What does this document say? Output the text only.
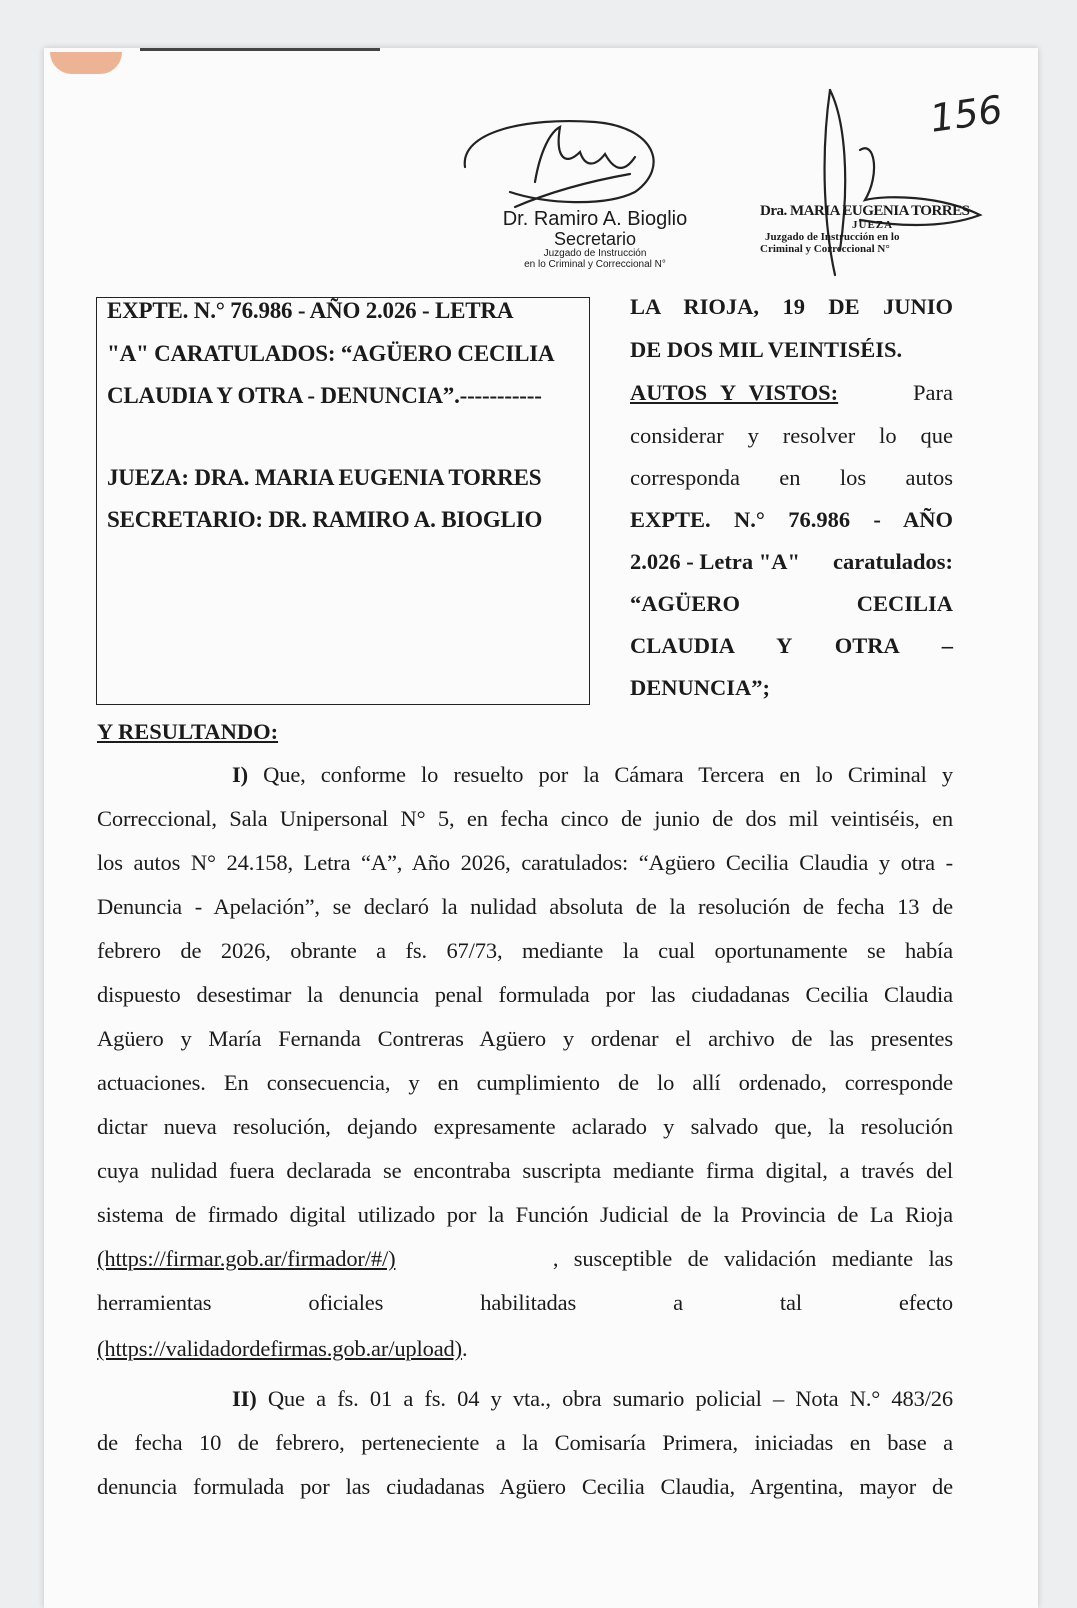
156
Dr. Ramiro A. Bioglio
Secretario
Juzgado de Instrucción
en lo Criminal y Correccional N°
Dra. MARIA EUGENIA TORRES
JUEZA
Juzgado de Instrucción en lo
Criminal y Correccional N°
EXPTE. N.° 76.986 - AÑO 2.026 - LETRA
"A" CARATULADOS: “AGÜERO CECILIA
CLAUDIA Y OTRA - DENUNCIA”.-----------
JUEZA: DRA. MARIA EUGENIA TORRES
SECRETARIO: DR. RAMIRO A. BIOGLIO
LA RIOJA, 19 DE JUNIO
DE DOS MIL VEINTISÉIS.
AUTOS Y VISTOS:	Para
considerar y resolver lo que
corresponda en los autos
EXPTE. N.° 76.986 - AÑO
2.026 - Letra "A" caratulados:
“AGÜERO CECILIA
CLAUDIA Y OTRA –
DENUNCIA”;
Y RESULTANDO:
I) Que, conforme lo resuelto por la Cámara Tercera en lo Criminal y
Correccional, Sala Unipersonal N° 5, en fecha cinco de junio de dos mil veintiséis, en
los autos N° 24.158, Letra “A”, Año 2026, caratulados: “Agüero Cecilia Claudia y otra -
Denuncia - Apelación”, se declaró la nulidad absoluta de la resolución de fecha 13 de
febrero de 2026, obrante a fs. 67/73, mediante la cual oportunamente se había
dispuesto desestimar la denuncia penal formulada por las ciudadanas Cecilia Claudia
Agüero y María Fernanda Contreras Agüero y ordenar el archivo de las presentes
actuaciones. En consecuencia, y en cumplimiento de lo allí ordenado, corresponde
dictar nueva resolución, dejando expresamente aclarado y salvado que, la resolución
cuya nulidad fuera declarada se encontraba suscripta mediante firma digital, a través del
sistema de firmado digital utilizado por la Función Judicial de la Provincia de La Rioja
(https://firmar.gob.ar/firmador/#/)	, susceptible de validación mediante las
herramientas	oficiales	habilitadas	a	tal	efecto
(https://validadordefirmas.gob.ar/upload).
II) Que a fs. 01 a fs. 04 y vta., obra sumario policial – Nota N.° 483/26
de fecha 10 de febrero, perteneciente a la Comisaría Primera, iniciadas en base a
denuncia formulada por las ciudadanas Agüero Cecilia Claudia, Argentina, mayor de
